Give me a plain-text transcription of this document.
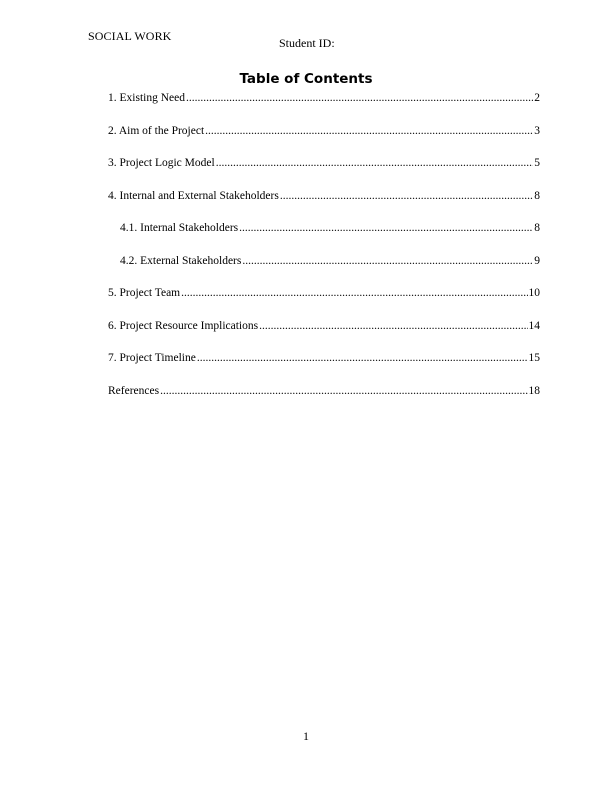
SOCIAL WORK	Student ID:
Table of Contents
1. Existing Need .....	2
2. Aim of the Project .....	3
3. Project Logic Model .....	5
4. Internal and External Stakeholders .....	8
4.1. Internal Stakeholders .....	8
4.2. External Stakeholders .....	9
5. Project Team .....	10
6. Project Resource Implications .....	14
7. Project Timeline .....	15
References .....	18
1
